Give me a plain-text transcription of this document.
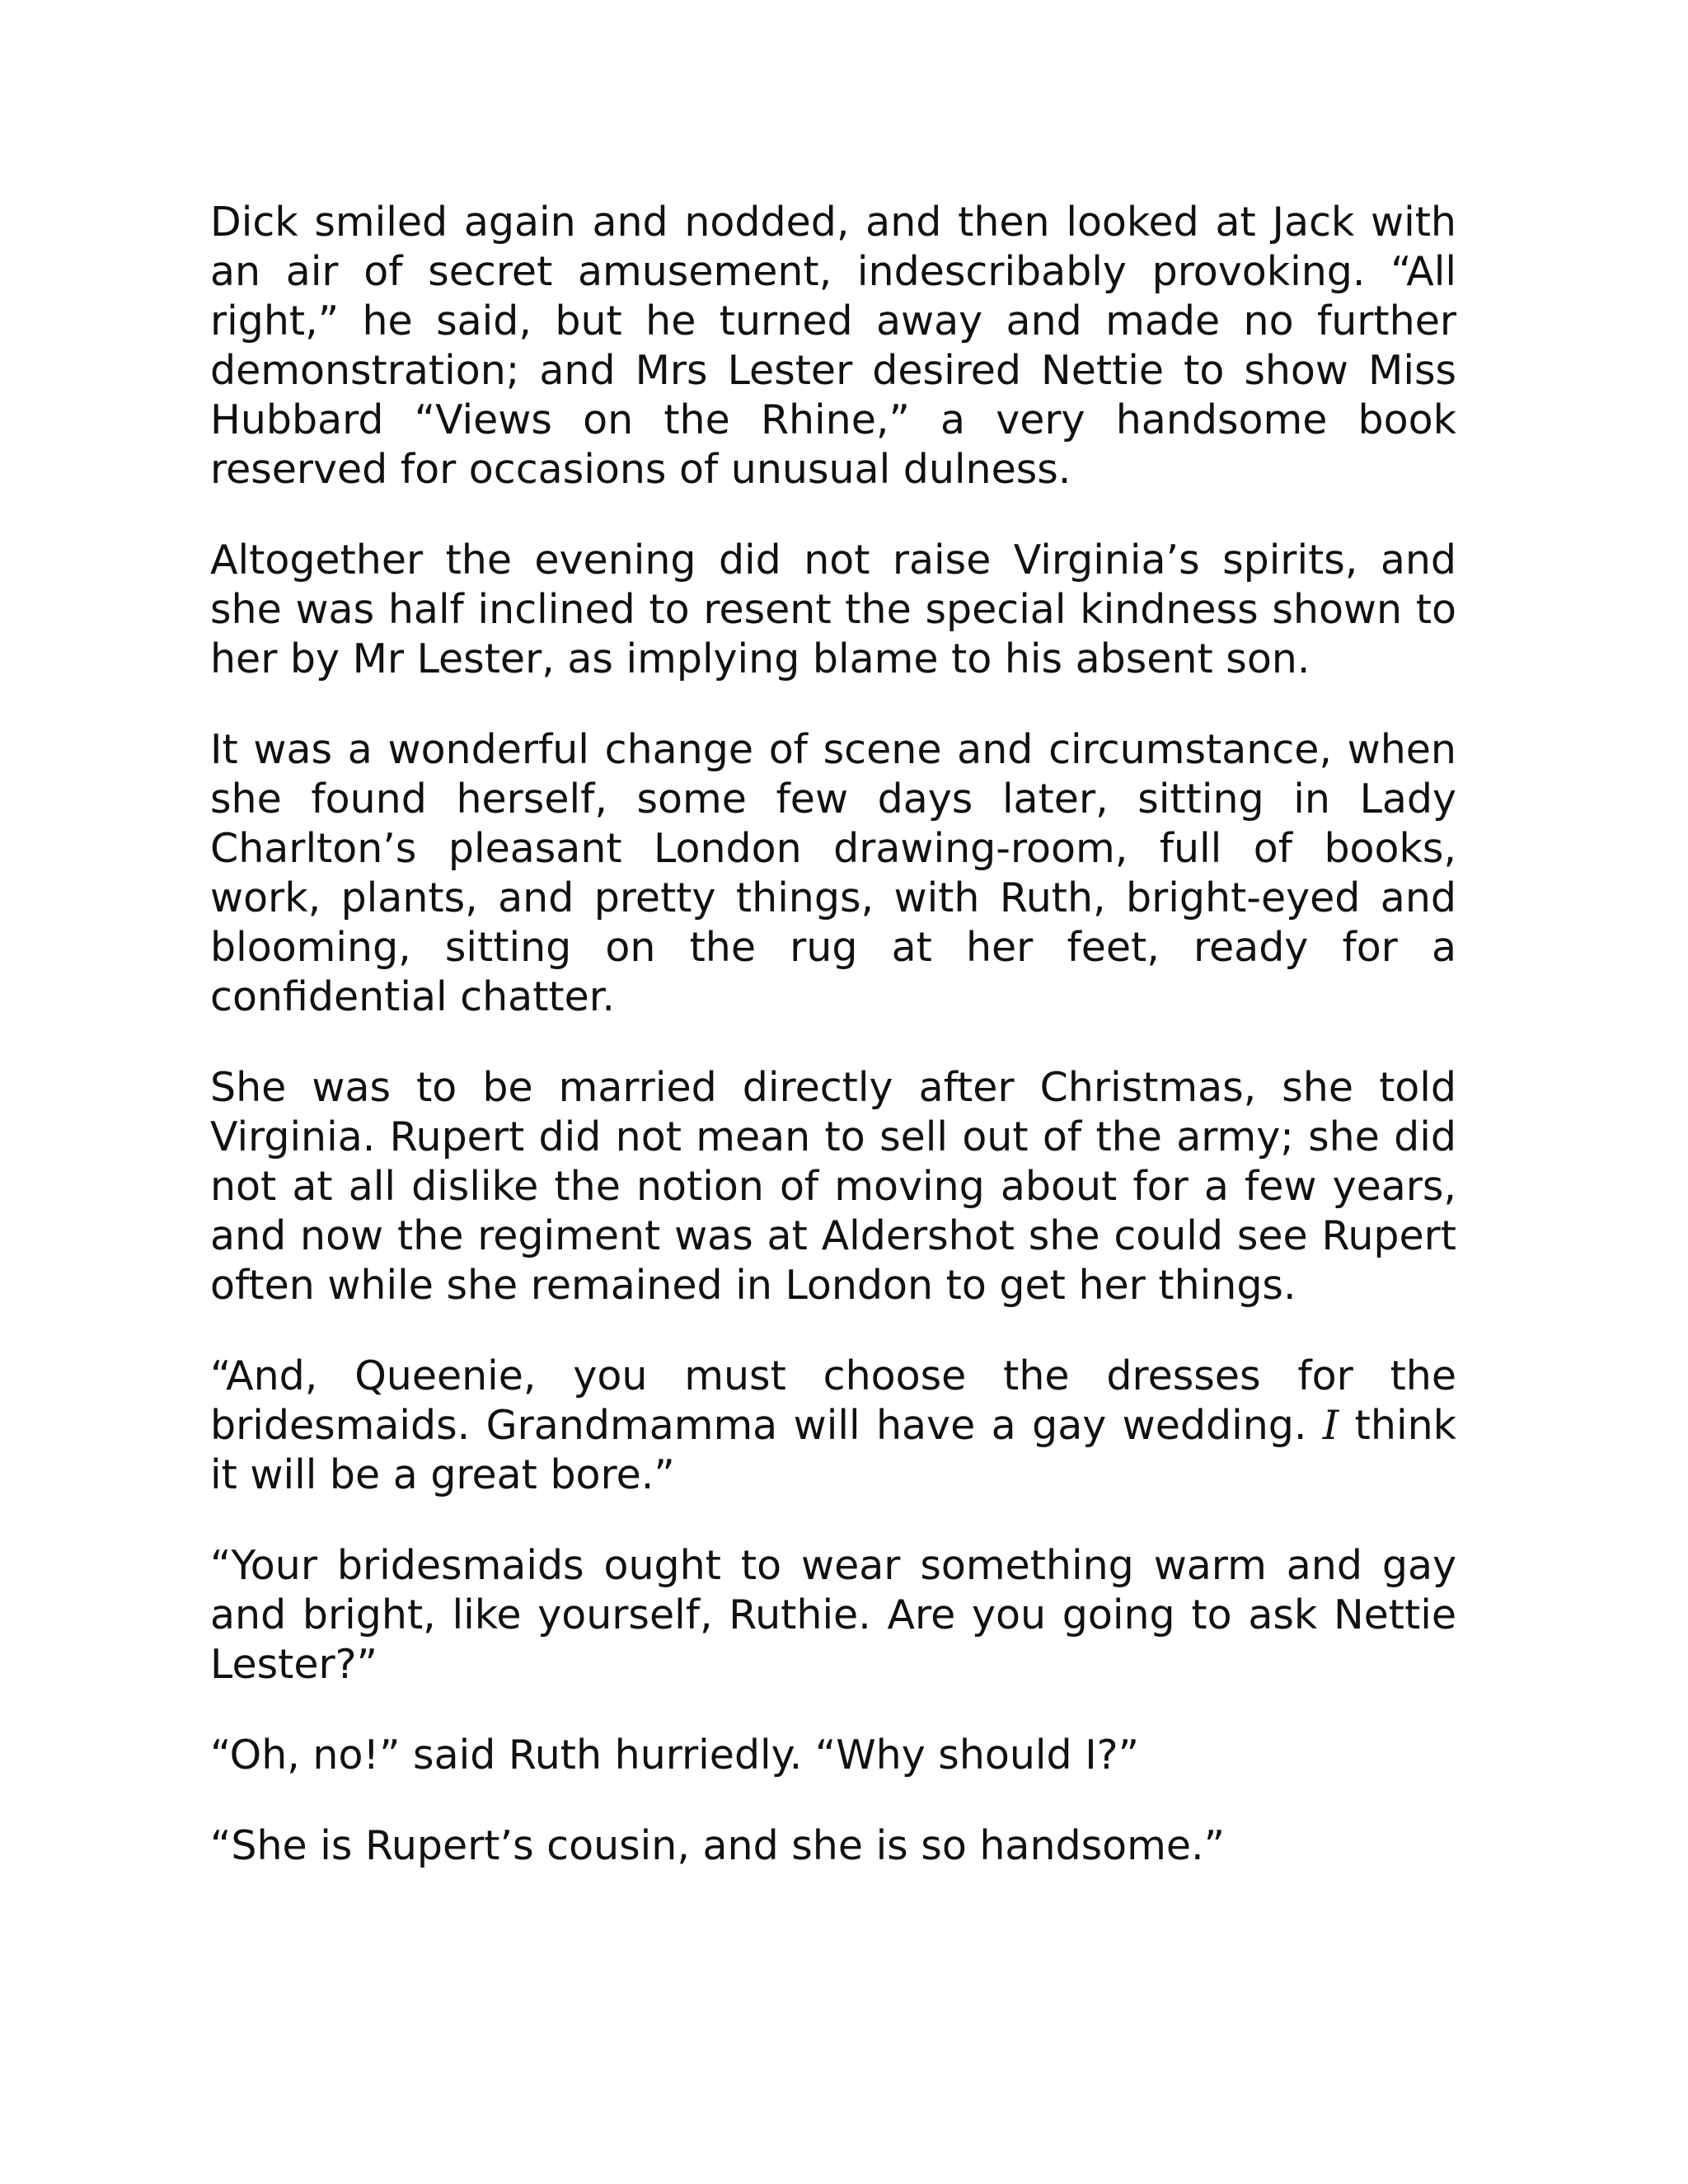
Dick smiled again and nodded, and then looked at Jack with an air of secret amusement, indescribably provoking. “All right,” he said, but he turned away and made no further demonstration; and Mrs Lester desired Nettie to show Miss Hubbard “Views on the Rhine,” a very handsome book reserved for occasions of unusual dulness.

Altogether the evening did not raise Virginia’s spirits, and she was half inclined to resent the special kindness shown to her by Mr Lester, as implying blame to his absent son.

It was a wonderful change of scene and circumstance, when she found herself, some few days later, sitting in Lady Charlton’s pleasant London drawing-room, full of books, work, plants, and pretty things, with Ruth, bright-eyed and blooming, sitting on the rug at her feet, ready for a confidential chatter.

She was to be married directly after Christmas, she told Virginia. Rupert did not mean to sell out of the army; she did not at all dislike the notion of moving about for a few years, and now the regiment was at Aldershot she could see Rupert often while she remained in London to get her things.

“And, Queenie, you must choose the dresses for the bridesmaids. Grandmamma will have a gay wedding. I think it will be a great bore.”

“Your bridesmaids ought to wear something warm and gay and bright, like yourself, Ruthie. Are you going to ask Nettie Lester?”

“Oh, no!” said Ruth hurriedly. “Why should I?”

“She is Rupert’s cousin, and she is so handsome.”
